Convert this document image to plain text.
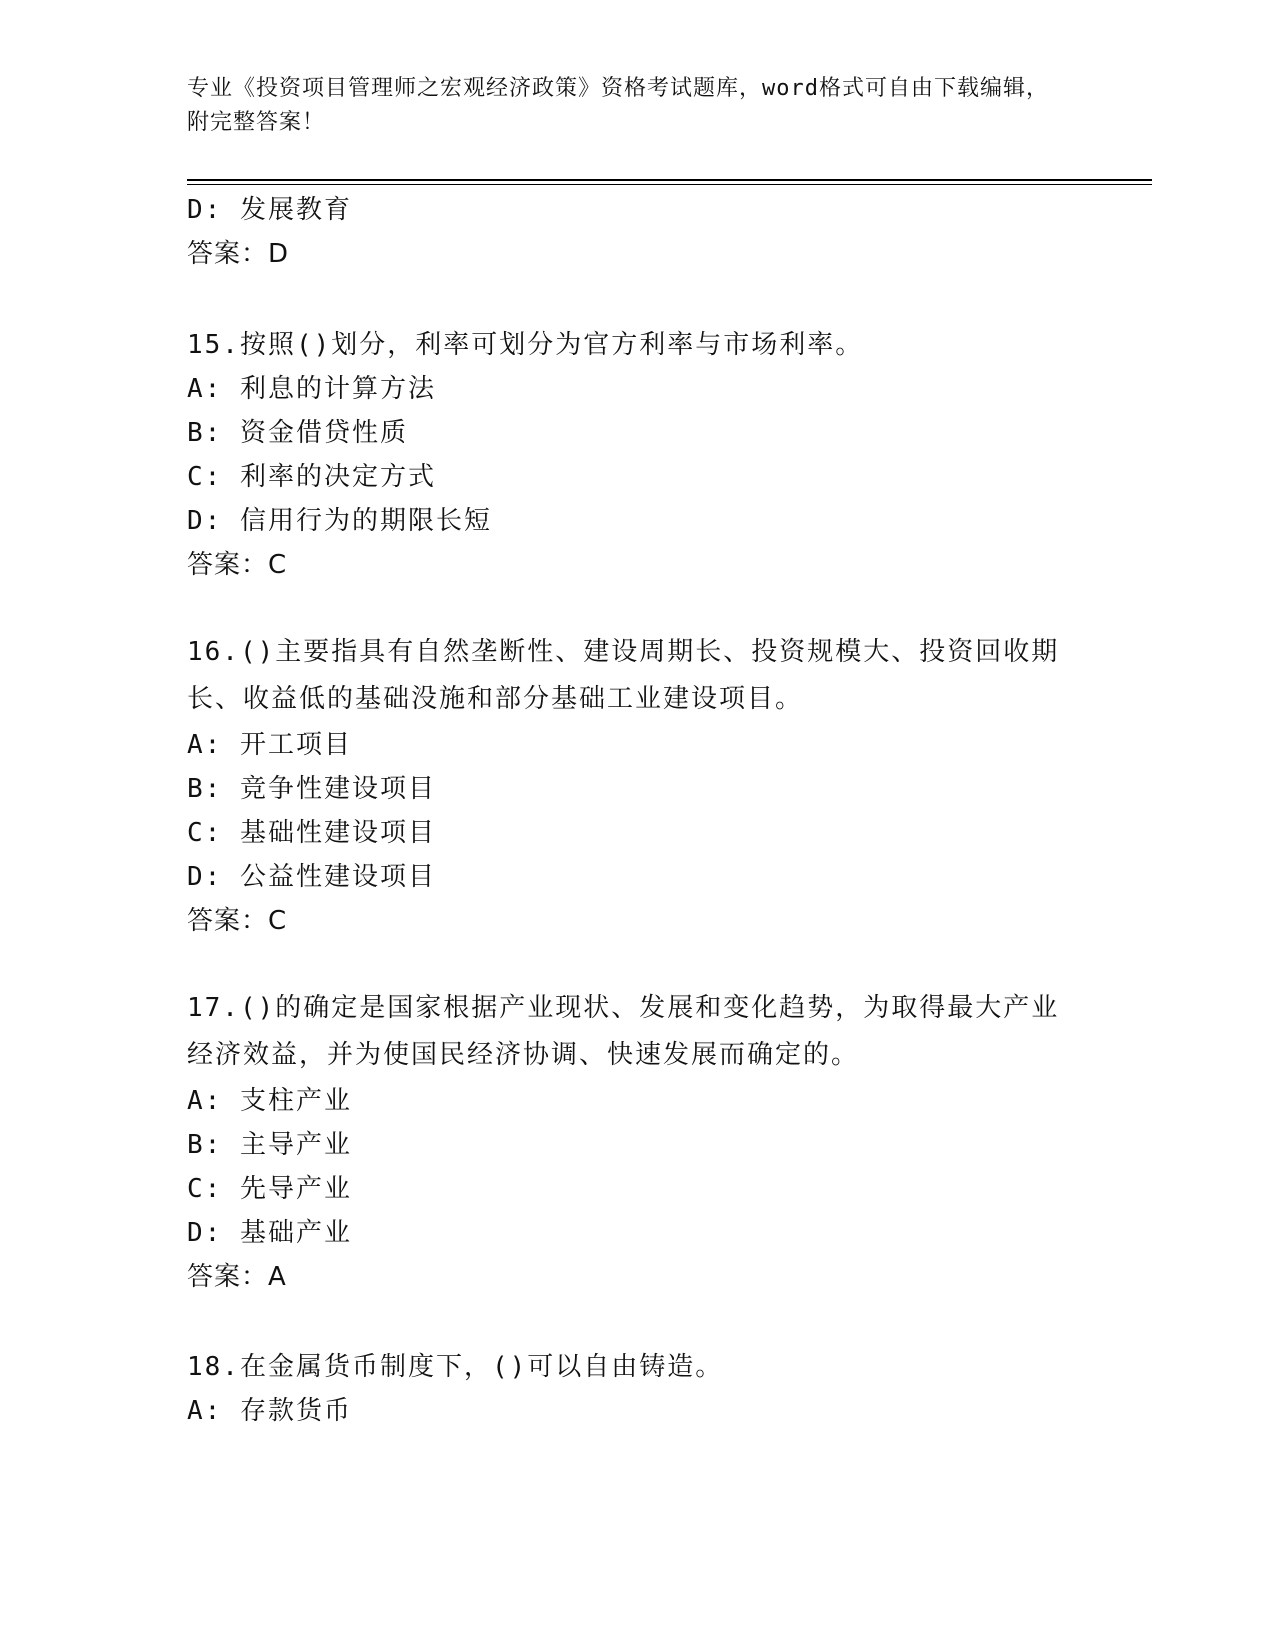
专业《投资项目管理师之宏观经济政策》资格考试题库，word格式可自由下载编辑，附完整答案！
D: 发展教育
答案：D
15.按照()划分，利率可划分为官方利率与市场利率。
A: 利息的计算方法
B: 资金借贷性质
C: 利率的决定方式
D: 信用行为的期限长短
答案：C
16.()主要指具有自然垄断性、建设周期长、投资规模大、投资回收期长、收益低的基础没施和部分基础工业建设项目。
A: 开工项目
B: 竞争性建设项目
C: 基础性建设项目
D: 公益性建设项目
答案：C
17.()的确定是国家根据产业现状、发展和变化趋势，为取得最大产业经济效益，并为使国民经济协调、快速发展而确定的。
A: 支柱产业
B: 主导产业
C: 先导产业
D: 基础产业
答案：A
18.在金属货币制度下，()可以自由铸造。
A: 存款货币
